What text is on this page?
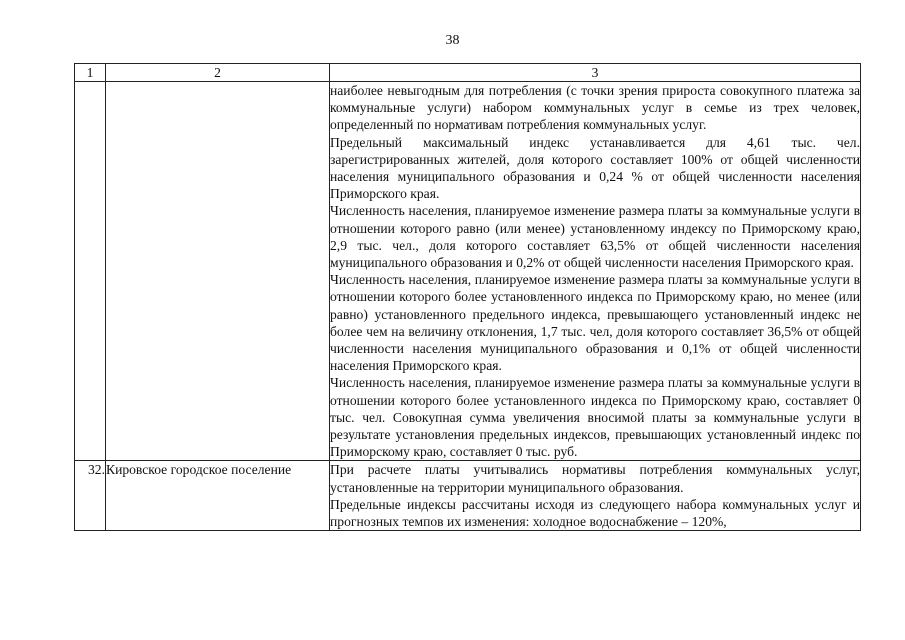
38
1	2	3

		наиболее невыгодным для потребления (с точки зрения прироста совокупного платежа за коммунальные услуги) набором коммунальных услуг в семье из трех человек, определенный по нормативам потребления коммунальных услуг.

Предельный максимальный индекс устанавливается для 4,61 тыс. чел. зарегистрированных жителей, доля которого составляет 100% от общей численности населения муниципального образования и 0,24 % от общей численности населения Приморского края.

Численность населения, планируемое изменение размера платы за коммунальные услуги в отношении которого равно (или менее) установленному индексу по Приморскому краю, 2,9 тыс. чел., доля которого составляет 63,5% от общей численности населения муниципального образования и 0,2% от общей численности населения Приморского края.

Численность населения, планируемое изменение размера платы за коммунальные услуги в отношении которого более установленного индекса по Приморскому краю, но менее (или равно) установленного предельного индекса, превышающего установленный индекс не более чем на величину отклонения, 1,7 тыс. чел, доля которого составляет 36,5% от общей численности населения муниципального образования и 0,1% от общей численности населения Приморского края.

Численность населения, планируемое изменение размера платы за коммунальные услуги в отношении которого более установленного индекса по Приморскому краю, составляет 0 тыс. чел. Совокупная сумма увеличения вносимой платы за коммунальные услуги в результате установления предельных индексов, превышающих установленный индекс по Приморскому краю, составляет 0 тыс. руб.

32.	Кировское городское поселение	При расчете платы учитывались нормативы потребления коммунальных услуг, установленные на территории муниципального образования.

Предельные индексы рассчитаны исходя из следующего набора коммунальных услуг и прогнозных темпов их изменения: холодное водоснабжение – 120%,
